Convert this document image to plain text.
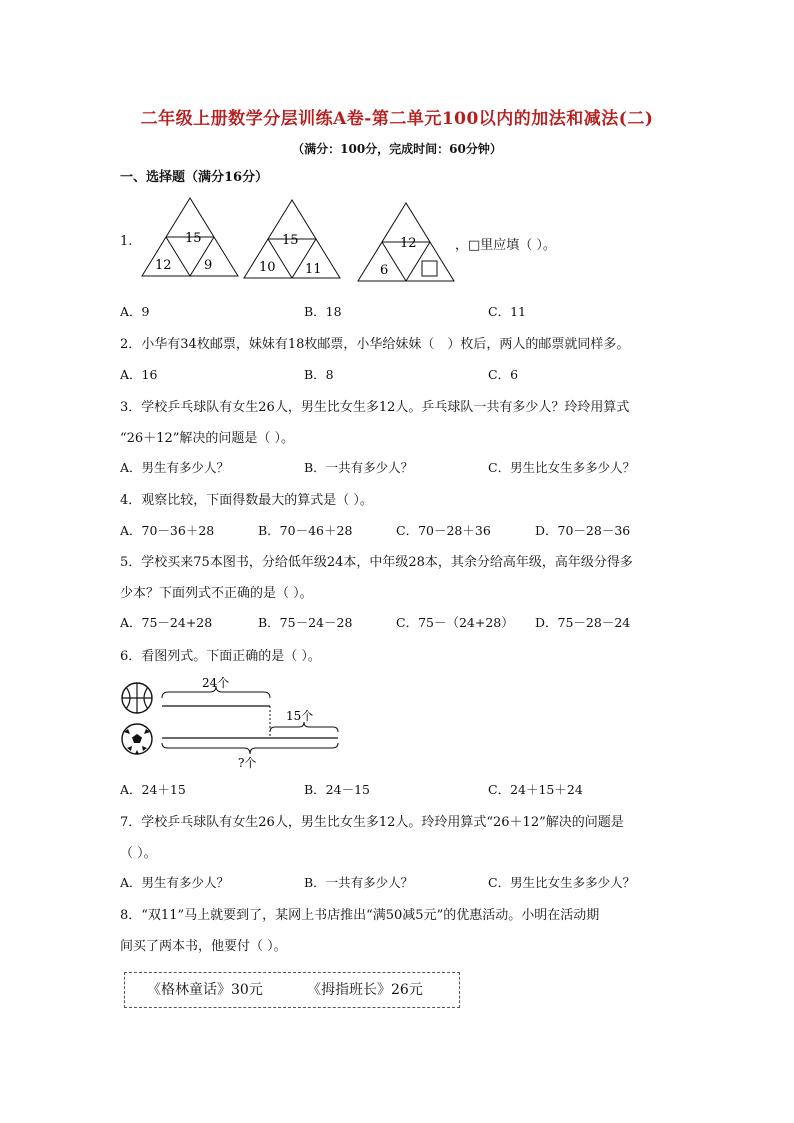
二年级上册数学分层训练A卷-第二单元100以内的加法和减法(二)
（满分：100分，完成时间：60分钟）
一、选择题（满分16分）
1.	15
12 9
15
10 11
12
6
，□里应填（ ）。
A．9	B．18	C．11
2．小华有34枚邮票，妹妹有18枚邮票，小华给妹妹（　）枚后，两人的邮票就同样多。
A．16	B．8	C．6
3．学校乒乓球队有女生26人，男生比女生多12人。乒乓球队一共有多少人？玲玲用算式
“26＋12”解决的问题是（ ）。
A．男生有多少人？	B．一共有多少人？	C．男生比女生多多少人？
4．观察比较，下面得数最大的算式是（ ）。
A．70－36＋28	B．70－46＋28	C．70－28＋36	D．70－28－36
5．学校买来75本图书，分给低年级24本，中年级28本，其余分给高年级，高年级分得多
少本？下面列式不正确的是（ ）。
A．75－24+28	B．75－24－28	C．75－（24+28） D．75－28－24
6．看图列式。下面正确的是（ ）。
24个
15个
?个
A．24＋15	B．24－15	C．24＋15＋24
7．学校乒乓球队有女生26人，男生比女生多12人。玲玲用算式“26＋12”解决的问题是
（ ）。
A．男生有多少人？	B．一共有多少人？	C．男生比女生多多少人？
8．“双11”马上就要到了，某网上书店推出“满50减5元”的优惠活动。小明在活动期
间买了两本书，他要付（ ）。
《格林童话》30元	《拇指班长》26元
